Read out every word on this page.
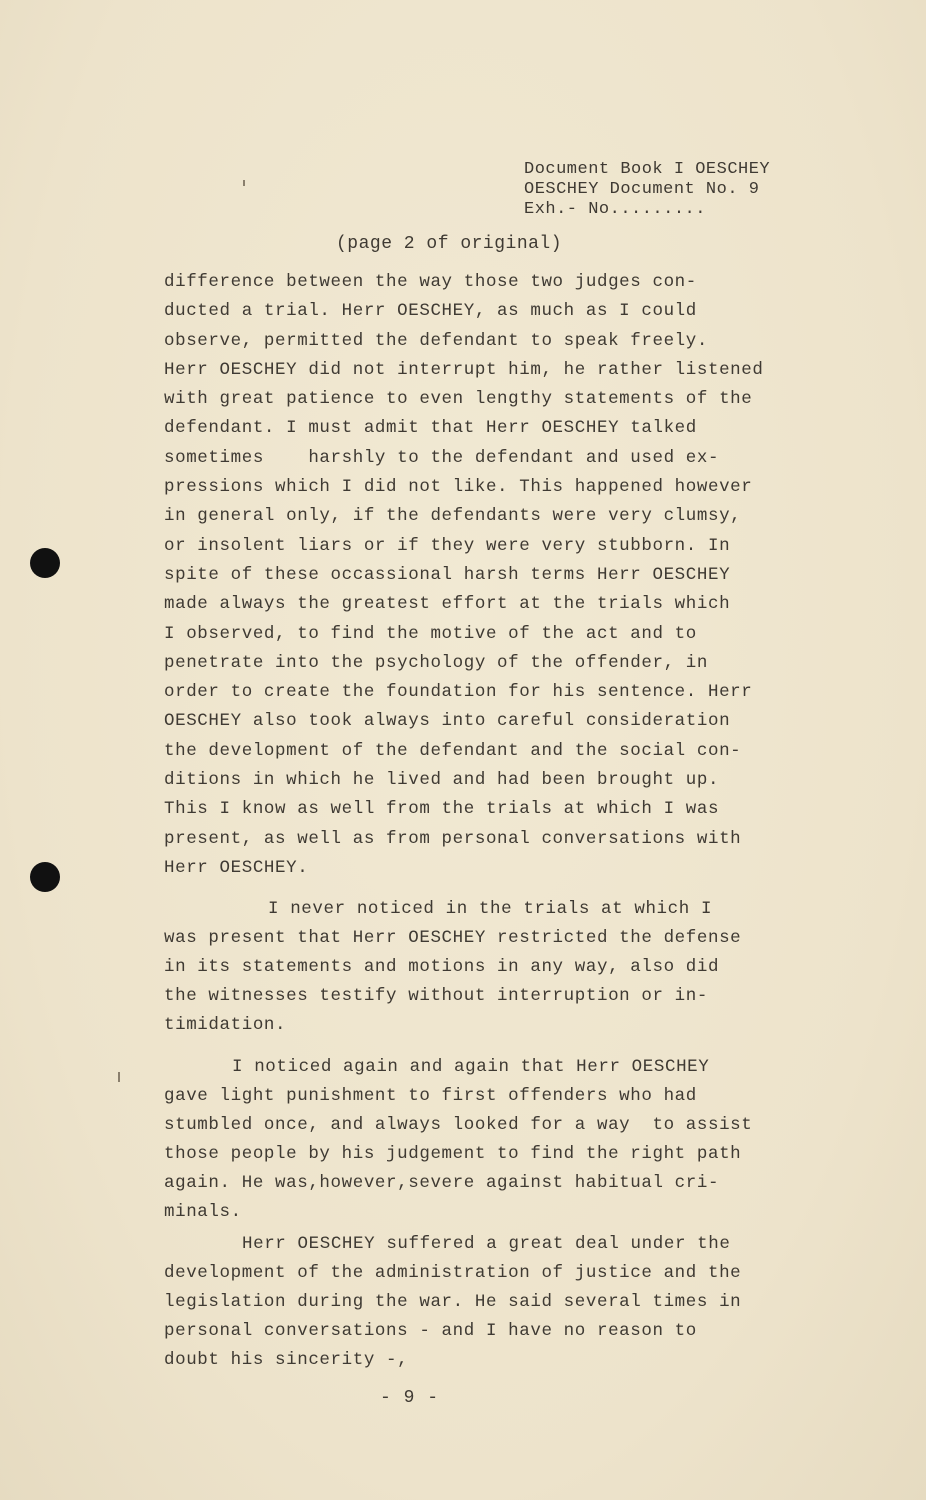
Document Book I OESCHEY
OESCHEY Document No. 9
Exh.- No.........
(page 2 of original)
difference between the way those two judges con-
ducted a trial. Herr OESCHEY, as much as I could
observe, permitted the defendant to speak freely.
Herr OESCHEY did not interrupt him, he rather listened
with great patience to even lengthy statements of the
defendant. I must admit that Herr OESCHEY talked
sometimes    harshly to the defendant and used ex-
pressions which I did not like. This happened however
in general only, if the defendants were very clumsy,
or insolent liars or if they were very stubborn. In
spite of these occassional harsh terms Herr OESCHEY
made always the greatest effort at the trials which
I observed, to find the motive of the act and to
penetrate into the psychology of the offender, in
order to create the foundation for his sentence. Herr
OESCHEY also took always into careful consideration
the development of the defendant and the social con-
ditions in which he lived and had been brought up.
This I know as well from the trials at which I was
present, as well as from personal conversations with
Herr OESCHEY.
I never noticed in the trials at which I
was present that Herr OESCHEY restricted the defense
in its statements and motions in any way, also did
the witnesses testify without interruption or in-
timidation.
I noticed again and again that Herr OESCHEY
gave light punishment to first offenders who had
stumbled once, and always looked for a way  to assist
those people by his judgement to find the right path
again. He was,however,severe against habitual cri-
minals.
Herr OESCHEY suffered a great deal under the
development of the administration of justice and the
legislation during the war. He said several times in
personal conversations - and I have no reason to
doubt his sincerity -,
- 9 -
